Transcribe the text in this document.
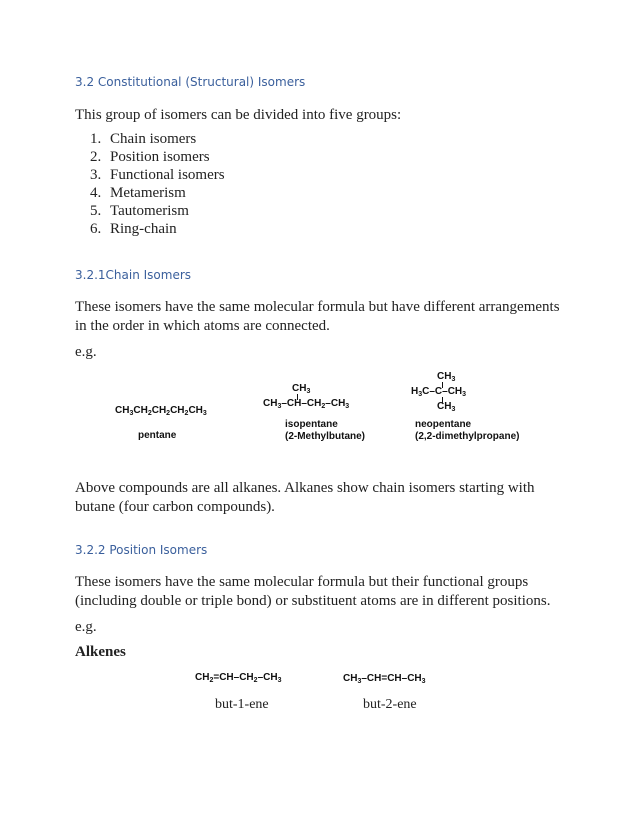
3.2 Constitutional (Structural) Isomers
This group of isomers can be divided into five groups:
1. Chain isomers
2. Position isomers
3. Functional isomers
4. Metamerism
5. Tautomerism
6. Ring-chain
3.2.1Chain Isomers
These isomers have the same molecular formula but have different arrangements in the order in which atoms are connected.
e.g.
$CH_3CH_2CH_2CH_2CH_3$
pentane
$CH_3$
$CH_3-CH-CH_2-CH_3$
isopentane
(2-Methylbutane)
$CH_3$
$H_3C-C-CH_3$
$CH_3$
neopentane
(2,2-dimethylpropane)
Above compounds are all alkanes. Alkanes show chain isomers starting with butane (four carbon compounds).
3.2.2 Position Isomers
These isomers have the same molecular formula but their functional groups (including double or triple bond) or substituent atoms are in different positions.
e.g.
Alkenes
$CH_2=CH-CH_2-CH_3$
but-1-ene
$CH_3-CH=CH-CH_3$
but-2-ene
